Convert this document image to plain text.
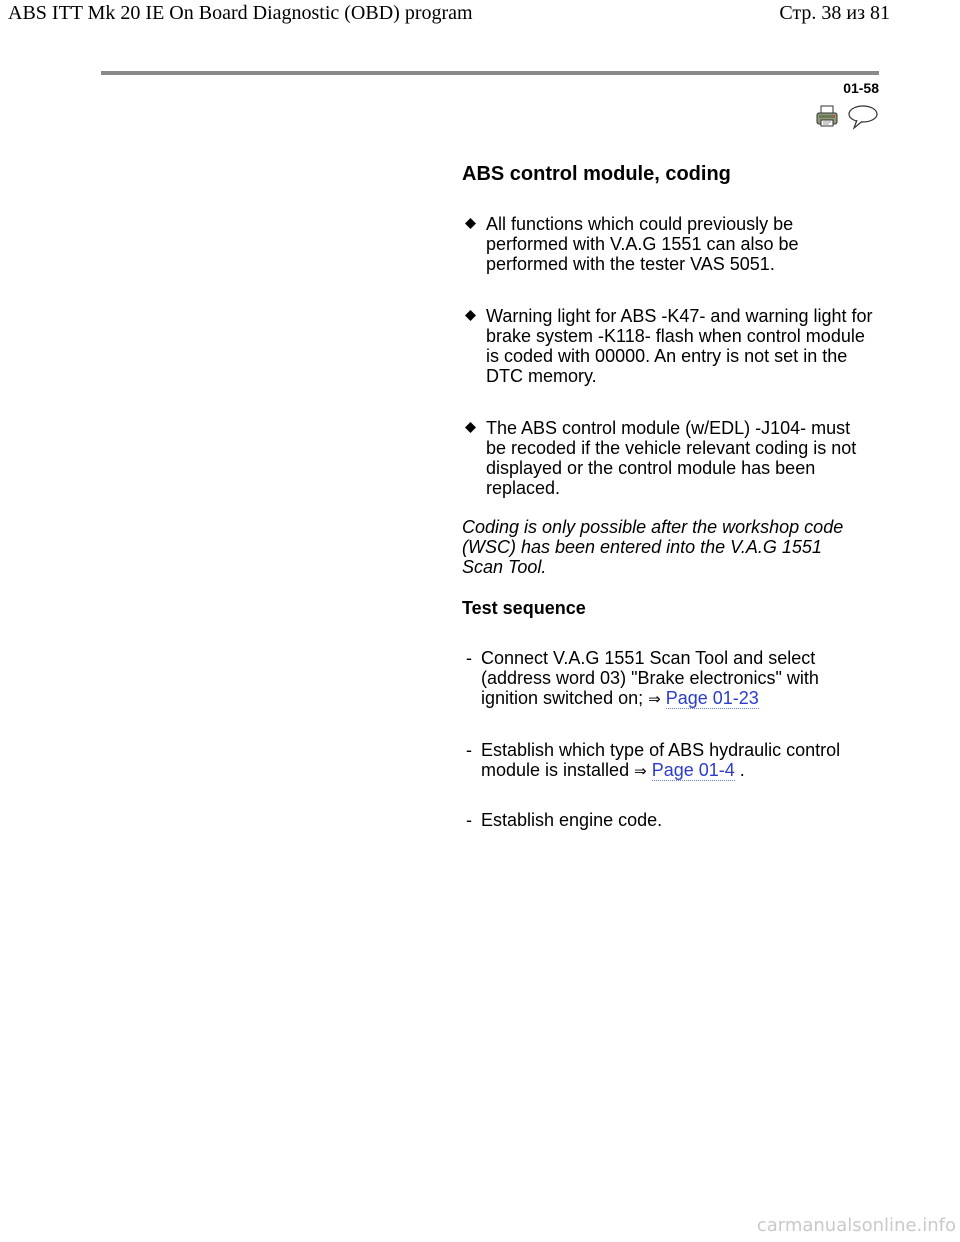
ABS ITT Mk 20 IE On Board Diagnostic (OBD) program	Стр. 38 из 81
01-58
ABS control module, coding
All functions which could previously be performed with V.A.G 1551 can also be performed with the tester VAS 5051.
Warning light for ABS -K47- and warning light for brake system -K118- flash when control module is coded with 00000. An entry is not set in the DTC memory.
The ABS control module (w/EDL) -J104- must be recoded if the vehicle relevant coding is not displayed or the control module has been replaced.
Coding is only possible after the workshop code (WSC) has been entered into the V.A.G 1551 Scan Tool.
Test sequence
- Connect V.A.G 1551 Scan Tool and select (address word 03) "Brake electronics" with ignition switched on; ⇒ Page 01-23
- Establish which type of ABS hydraulic control module is installed ⇒ Page 01-4 .
- Establish engine code.
carmanualsonline.info
